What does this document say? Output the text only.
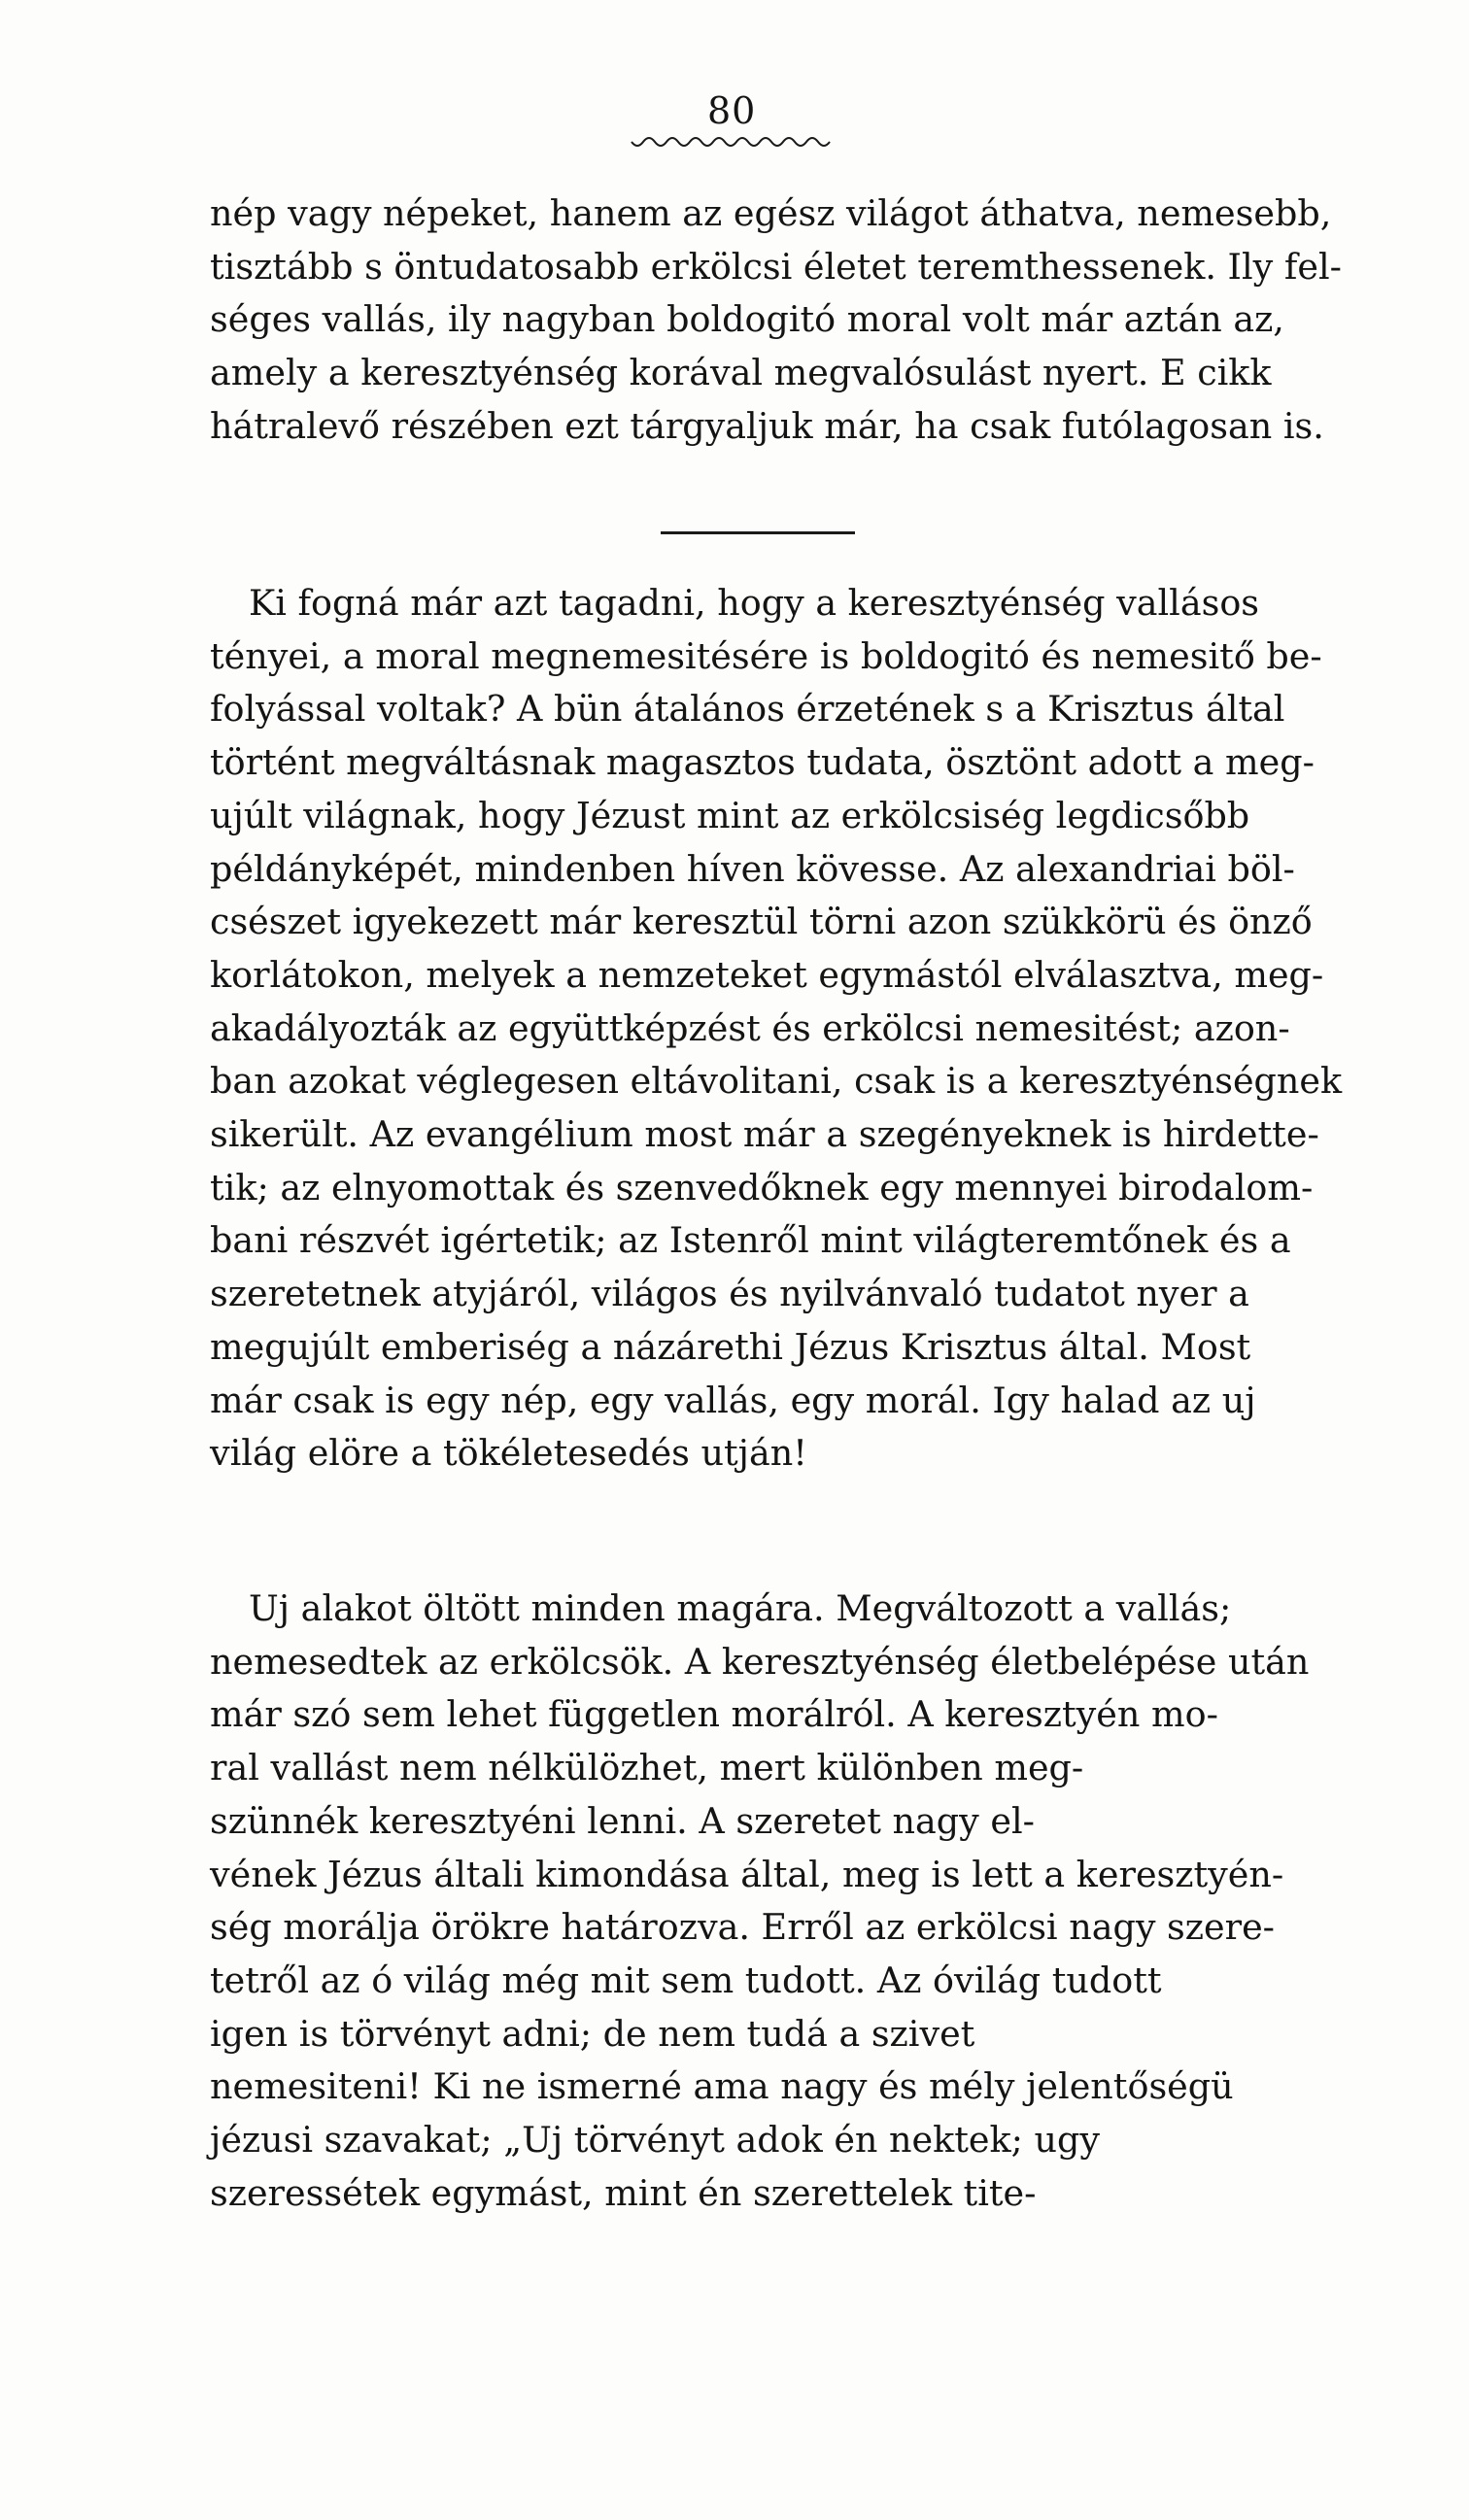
80
nép vagy népeket, hanem az egész világot áthatva, nemesebb,
tisztább s öntudatosabb erkölcsi életet teremthessenek. Ily fel-
séges vallás, ily nagyban boldogitó moral volt már aztán az,
amely a keresztyénség korával megvalósulást nyert. E cikk
hátralevő részében ezt tárgyaljuk már, ha csak futólagosan is.
Ki fogná már azt tagadni, hogy a keresztyénség vallásos
tényei, a moral megnemesitésére is boldogitó és nemesitő be-
folyással voltak? A bün átalános érzetének s a Krisztus által
történt megváltásnak magasztos tudata, ösztönt adott a meg-
ujúlt világnak, hogy Jézust mint az erkölcsiség legdicsőbb
példányképét, mindenben híven kövesse. Az alexandriai böl-
csészet igyekezett már keresztül törni azon szükkörü és önző
korlátokon, melyek a nemzeteket egymástól elválasztva, meg-
akadályozták az együttképzést és erkölcsi nemesitést; azon-
ban azokat véglegesen eltávolitani, csak is a keresztyénségnek
sikerült. Az evangélium most már a szegényeknek is hirdette-
tik; az elnyomottak és szenvedőknek egy mennyei birodalom-
bani részvét igértetik; az Istenről mint világteremtőnek és a
szeretetnek atyjáról, világos és nyilvánvaló tudatot nyer a
megujúlt emberiség a názárethi Jézus Krisztus által. Most
már csak is egy nép, egy vallás, egy morál. Igy halad az uj
világ elöre a tökéletesedés utján!
Uj alakot öltött minden magára. Megváltozott a vallás;
nemesedtek az erkölcsök. A keresztyénség életbelépése után
már szó sem lehet független morálról. A keresztyén mo-
ral vallást nem nélkülözhet, mert különben meg-
szünnék keresztyéni lenni. A szeretet nagy el-
vének Jézus általi kimondása által, meg is lett a keresztyén-
ség morálja örökre határozva. Erről az erkölcsi nagy szere-
tetről az ó világ még mit sem tudott. Az óvilág tudott
igen is törvényt adni; de nem tudá a szivet
nemesiteni! Ki ne ismerné ama nagy és mély jelentőségü
jézusi szavakat; „Uj törvényt adok én nektek; ugy
szeressétek egymást, mint én szerettelek tite-
